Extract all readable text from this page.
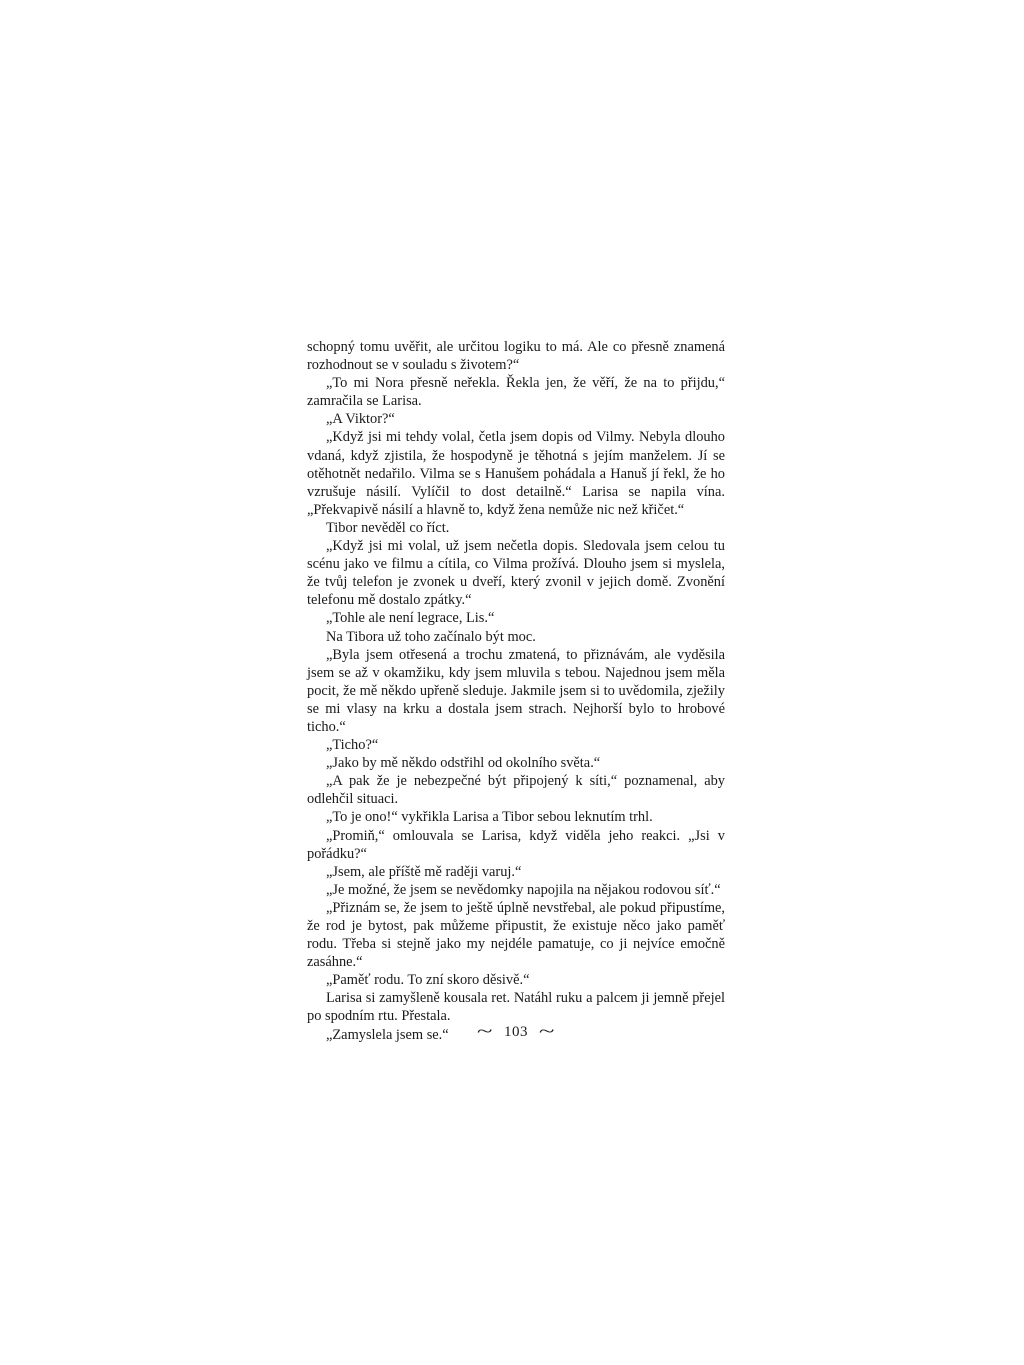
schopný tomu uvěřit, ale určitou logiku to má. Ale co přesně znamená rozhodnout se v souladu s životem?“

„To mi Nora přesně neřekla. Řekla jen, že věří, že na to přijdu,“ zamračila se Larisa.

„A Viktor?“

„Když jsi mi tehdy volal, četla jsem dopis od Vilmy. Nebyla dlouho vdaná, když zjistila, že hospodyně je těhotná s jejím manželem. Jí se otěhotnět nedařilo. Vilma se s Hanušem pohádala a Hanuš jí řekl, že ho vzrušuje násilí. Vylíčil to dost detailně.“ Larisa se napila vína. „Překvapivě násilí a hlavně to, když žena nemůže nic než křičet.“

Tibor nevěděl co říct.

„Když jsi mi volal, už jsem nečetla dopis. Sledovala jsem celou tu scénu jako ve filmu a cítila, co Vilma prožívá. Dlouho jsem si myslela, že tvůj telefon je zvonek u dveří, který zvonil v jejich domě. Zvonění telefonu mě dostalo zpátky.“

„Tohle ale není legrace, Lis.“

Na Tibora už toho začínalo být moc.

„Byla jsem otřesená a trochu zmatená, to přiznávám, ale vyděsila jsem se až v okamžiku, kdy jsem mluvila s tebou. Najednou jsem měla pocit, že mě někdo upřeně sleduje. Jakmile jsem si to uvědomila, zježily se mi vlasy na krku a dostala jsem strach. Nejhorší bylo to hrobové ticho.“

„Ticho?“

„Jako by mě někdo odstřihl od okolního světa.“

„A pak že je nebezpečné být připojený k síti,“ poznamenal, aby odlehčil situaci.

„To je ono!“ vykřikla Larisa a Tibor sebou leknutím trhl.

„Promiň,“ omlouvala se Larisa, když viděla jeho reakci. „Jsi v pořádku?“

„Jsem, ale příště mě raději varuj.“

„Je možné, že jsem se nevědomky napojila na nějakou rodovou síť.“

„Přiznám se, že jsem to ještě úplně nevstřebal, ale pokud připustíme, že rod je bytost, pak můžeme připustit, že existuje něco jako paměť rodu. Třeba si stejně jako my nejdéle pamatuje, co ji nejvíce emočně zasáhne.“

„Paměť rodu. To zní skoro děsivě.“

Larisa si zamyšleně kousala ret. Natáhl ruku a palcem ji jemně přejel po spodním rtu. Přestala.

„Zamyslela jsem se.“	~ 103 ~
